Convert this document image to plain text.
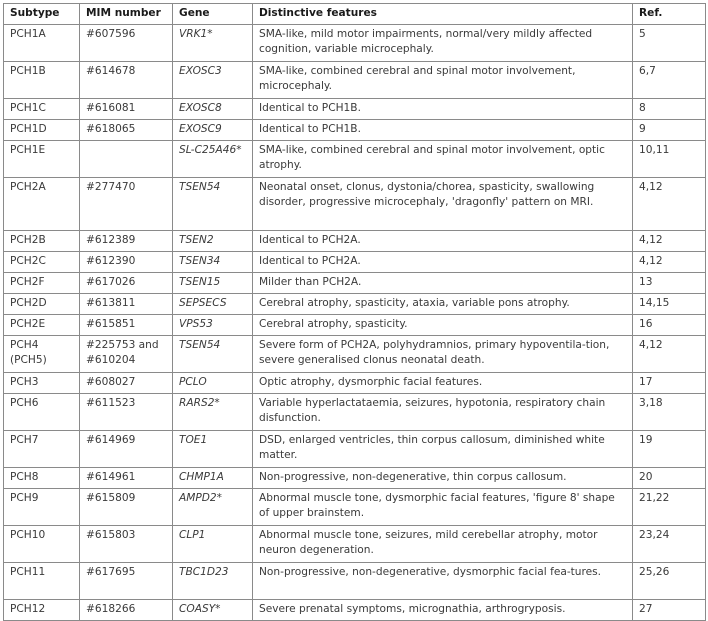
Subtype	MIM number	Gene	Distinctive features	Ref.
PCH1A	#607596	VRK1*	SMA-like, mild motor impairments, normal/very mildly affected cognition, variable microcephaly.	5
PCH1B	#614678	EXOSC3	SMA-like, combined cerebral and spinal motor involvement, microcephaly.	6,7
PCH1C	#616081	EXOSC8	Identical to PCH1B.	8
PCH1D	#618065	EXOSC9	Identical to PCH1B.	9
PCH1E		SL-C25A46*	SMA-like, combined cerebral and spinal motor involvement, optic atrophy.	10,11
PCH2A	#277470	TSEN54	Neonatal onset, clonus, dystonia/chorea, spasticity, swallowing disorder, progressive microcephaly, 'dragonfly' pattern on MRI.	4,12
PCH2B	#612389	TSEN2	Identical to PCH2A.	4,12
PCH2C	#612390	TSEN34	Identical to PCH2A.	4,12
PCH2F	#617026	TSEN15	Milder than PCH2A.	13
PCH2D	#613811	SEPSECS	Cerebral atrophy, spasticity, ataxia, variable pons atrophy.	14,15
PCH2E	#615851	VPS53	Cerebral atrophy, spasticity.	16
PCH4 (PCH5)	#225753 and #610204	TSEN54	Severe form of PCH2A, polyhydramnios, primary hypoventila-tion, severe generalised clonus neonatal death.	4,12
PCH3	#608027	PCLO	Optic atrophy, dysmorphic facial features.	17
PCH6	#611523	RARS2*	Variable hyperlactataemia, seizures, hypotonia, respiratory chain disfunction.	3,18
PCH7	#614969	TOE1	DSD, enlarged ventricles, thin corpus callosum, diminished white matter.	19
PCH8	#614961	CHMP1A	Non-progressive, non-degenerative, thin corpus callosum.	20
PCH9	#615809	AMPD2*	Abnormal muscle tone, dysmorphic facial features, 'figure 8' shape of upper brainstem.	21,22
PCH10	#615803	CLP1	Abnormal muscle tone, seizures, mild cerebellar atrophy, motor neuron degeneration.	23,24
PCH11	#617695	TBC1D23	Non-progressive, non-degenerative, dysmorphic facial fea-tures.	25,26
PCH12	#618266	COASY*	Severe prenatal symptoms, micrognathia, arthrogryposis.	27
